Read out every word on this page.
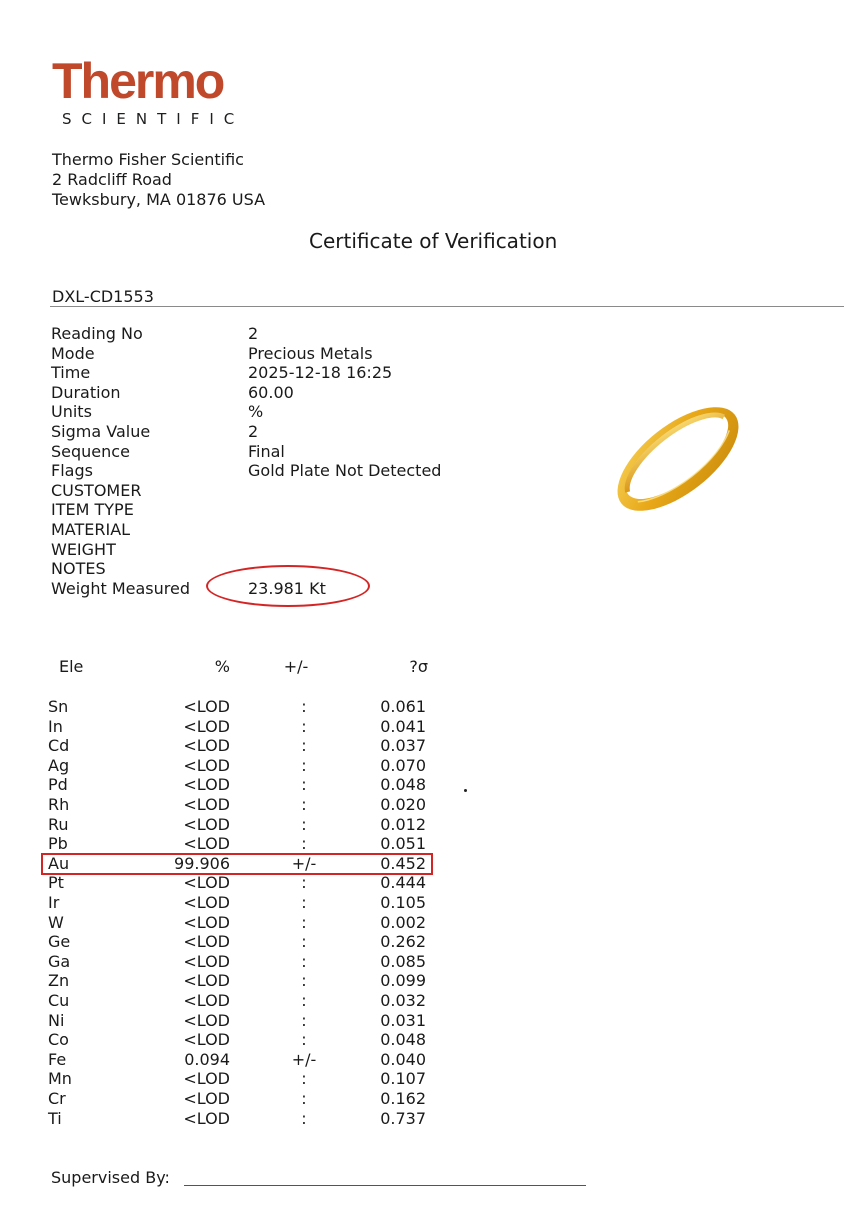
Thermo
SCIENTIFIC
Thermo Fisher Scientific
2 Radcliff Road
Tewksbury, MA 01876 USA
Certificate of Verification
DXL-CD1553
Reading No	2
Mode	Precious Metals
Time	2025-12-18 16:25
Duration	60.00
Units	%
Sigma Value	2
Sequence	Final
Flags	Gold Plate Not Detected
CUSTOMER
ITEM TYPE
MATERIAL
WEIGHT
NOTES
Weight Measured	23.981 Kt
Ele	%	+/-	?σ
Sn	<LOD	:	0.061
In	<LOD	:	0.041
Cd	<LOD	:	0.037
Ag	<LOD	:	0.070
Pd	<LOD	:	0.048
Rh	<LOD	:	0.020
Ru	<LOD	:	0.012
Pb	<LOD	:	0.051
Au	99.906	+/-	0.452
Pt	<LOD	:	0.444
Ir	<LOD	:	0.105
W	<LOD	:	0.002
Ge	<LOD	:	0.262
Ga	<LOD	:	0.085
Zn	<LOD	:	0.099
Cu	<LOD	:	0.032
Ni	<LOD	:	0.031
Co	<LOD	:	0.048
Fe	0.094	+/-	0.040
Mn	<LOD	:	0.107
Cr	<LOD	:	0.162
Ti	<LOD	:	0.737
Supervised By:
